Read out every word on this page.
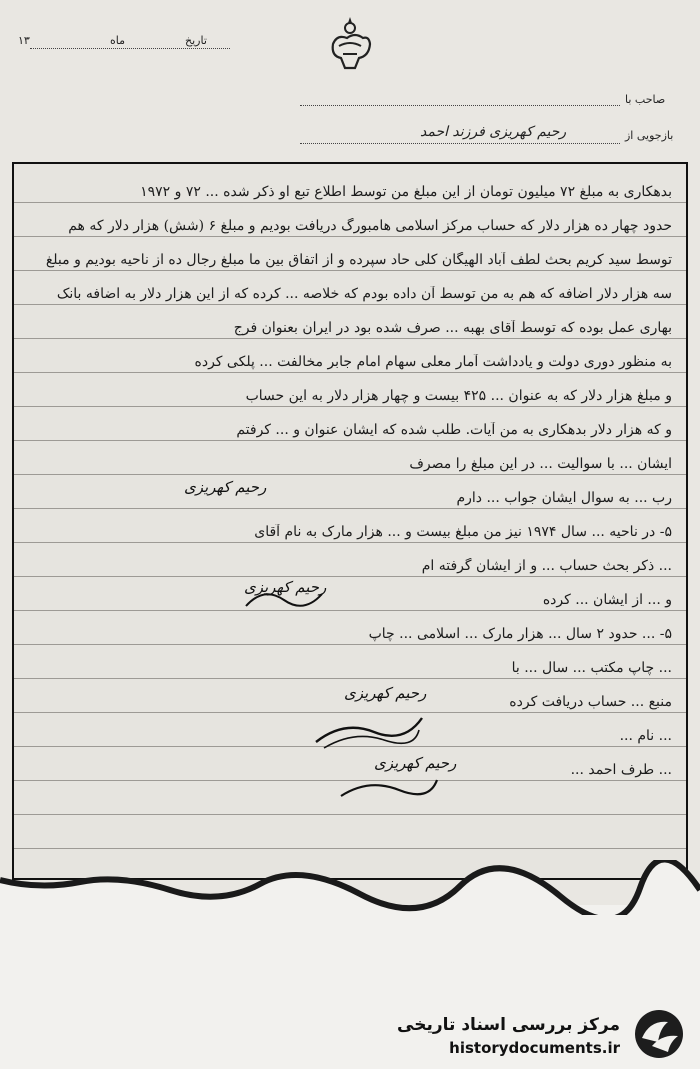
۱۳	ماه	تاریخ
صاحب با
بازجویی از
رحیم کهریزی فرزند احمد
بدهکاری به مبلغ ۷۲ میلیون تومان از این مبلغ من توسط اطلاع تبع او ذکر شده ... ۷۲ و ۱۹۷۲
حدود چهار ده هزار دلار که حساب مرکز اسلامی هامبورگ دریافت بودیم و مبلغ ۶ (شش) هزار دلار که هم
توسط سید کریم بحث لطف آباد الهیگان کلی حاد سپرده و از اتفاق بین ما مبلغ رجال ده از ناحیه بودیم و مبلغ
سه هزار دلار اضافه که هم به من توسط آن داده بودم که خلاصه ... کرده که از این هزار دلار به اضافه بانک
بهاری عمل بوده که توسط آقای بهبه ... صرف شده بود در ایران بعنوان فرج
به منظور دوری دولت و یادداشت آمار معلی سهام امام جابر مخالفت ... پلکی کرده
و مبلغ هزار دلار که به عنوان ... ۴۲۵ بیست و چهار هزار دلار به این حساب
و که هزار دلار بدهکاری به من آیات. طلب شده که ایشان عنوان و ... کرفتم
ایشان ... با سوالیت ... در این مبلغ را مصرف
رب ... به سوال ایشان جواب ... دارم
رحیم کهریزی
۵- در ناحیه ... سال ۱۹۷۴ نیز من مبلغ بیست و ... هزار مارک به نام آقای
... ذکر بحث حساب ... و از ایشان گرفته ام
و ... از ایشان ... کرده
رحیم کهریزی
۵- ... حدود ۲ سال ... هزار مارک ... اسلامی ... چاپ
... چاپ مکتب ... سال ... با
منبع ... حساب دریافت کرده
رحیم کهریزی
... نام ...
... طرف احمد ...
رحیم کهریزی
مرکز بررسی اسناد تاریخی
historydocuments.ir
